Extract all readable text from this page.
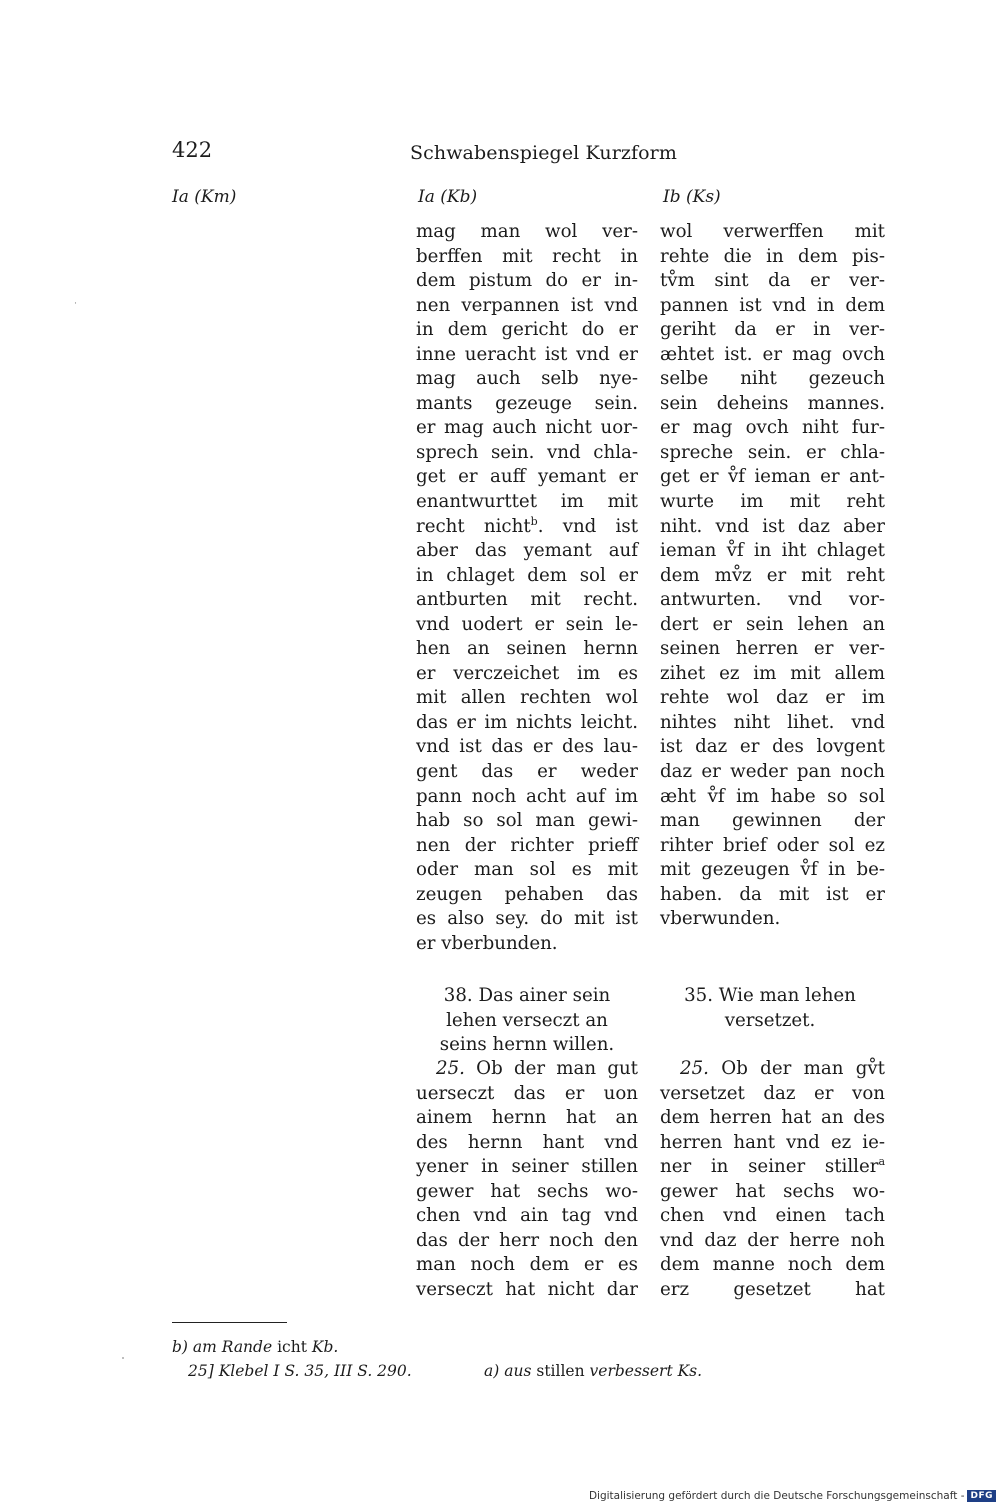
422	Schwabenspiegel Kurzform
Ia (Km)	Ia (Kb)	Ib (Ks)
˙
mag man wol ver-
berffen mit recht in
dem pistum do er in-
nen verpannen ist vnd
in dem gericht do er
inne ueracht ist vnd er
mag auch selb nye-
mants gezeuge sein.
er mag auch nicht uor-
sprech sein. vnd chla-
get er auff yemant er
enantwurttet im mit
recht nicht$^b$. vnd ist
aber das yemant auf
in chlaget dem sol er
antburten mit recht.
vnd uodert er sein le-
hen an seinen hernn
er verczeichet im es
mit allen rechten wol
das er im nichts leicht.
vnd ist das er des lau-
gent das er weder
pann noch acht auf im
hab so sol man gewi-
nen der richter prieff
oder man sol es mit
zeugen pehaben das
es also sey. do mit ist
er vberbunden.
wol verwerffen mit
rehte die in dem pis-
tv̊m sint da er ver-
pannen ist vnd in dem
geriht da er in ver-
æhtet ist. er mag ovch
selbe niht gezeuch
sein deheins mannes.
er mag ovch niht fur-
spreche sein. er chla-
get er v̊f ieman er ant-
wurte im mit reht
niht. vnd ist daz aber
ieman v̊f in iht chlaget
dem mv̊z er mit reht
antwurten. vnd vor-
dert er sein lehen an
seinen herren er ver-
zihet ez im mit allem
rehte wol daz er im
nihtes niht lihet. vnd
ist daz er des lovgent
daz er weder pan noch
æht v̊f im habe so sol
man gewinnen der
rihter brief oder sol ez
mit gezeugen v̊f in be-
haben. da mit ist er
vberwunden.
38. Das ainer sein
lehen verseczt an
seins hernn willen.
35. Wie man lehen
versetzet.
25. Ob der man gut
uerseczt das er uon
ainem hernn hat an
des hernn hant vnd
yener in seiner stillen
gewer hat sechs wo-
chen vnd ain tag vnd
das der herr noch den
man noch dem er es
verseczt hat nicht dar
25. Ob der man gv̊t
versetzet daz er von
dem herren hat an des
herren hant vnd ez ie-
ner in seiner stiller$^a$
gewer hat sechs wo-
chen vnd einen tach
vnd daz der herre noh
dem manne noch dem
erz gesetzet hat
b) am Rande icht Kb.
25] Klebel I S. 35, III S. 290.	a) aus stillen verbessert Ks.
Digitalisierung gefördert durch die Deutsche Forschungsgemeinschaft - DFG
